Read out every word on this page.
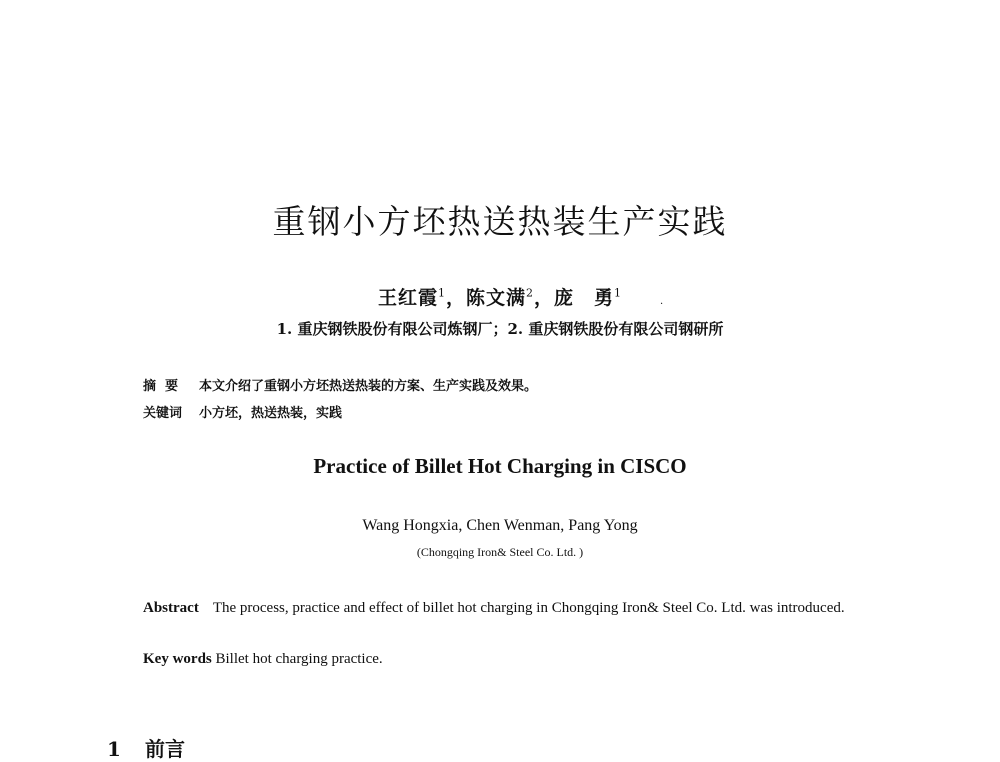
重钢小方坯热送热装生产实践
王红霞$^1$，陈文满$^2$，庞　勇$^1$
.
1. 重庆钢铁股份有限公司炼钢厂；2. 重庆钢铁股份有限公司钢研所
摘要 本文介绍了重钢小方坯热送热装的方案、生产实践及效果。
关键词 小方坯，热送热装，实践
Practice of Billet Hot Charging in CISCO
Wang Hongxia, Chen Wenman, Pang Yong
(Chongqing Iron& Steel Co. Ltd. )
Abstract The process, practice and effect of billet hot charging in Chongqing Iron& Steel Co. Ltd. was introduced.
Key words Billet hot charging practice.
1 前言
